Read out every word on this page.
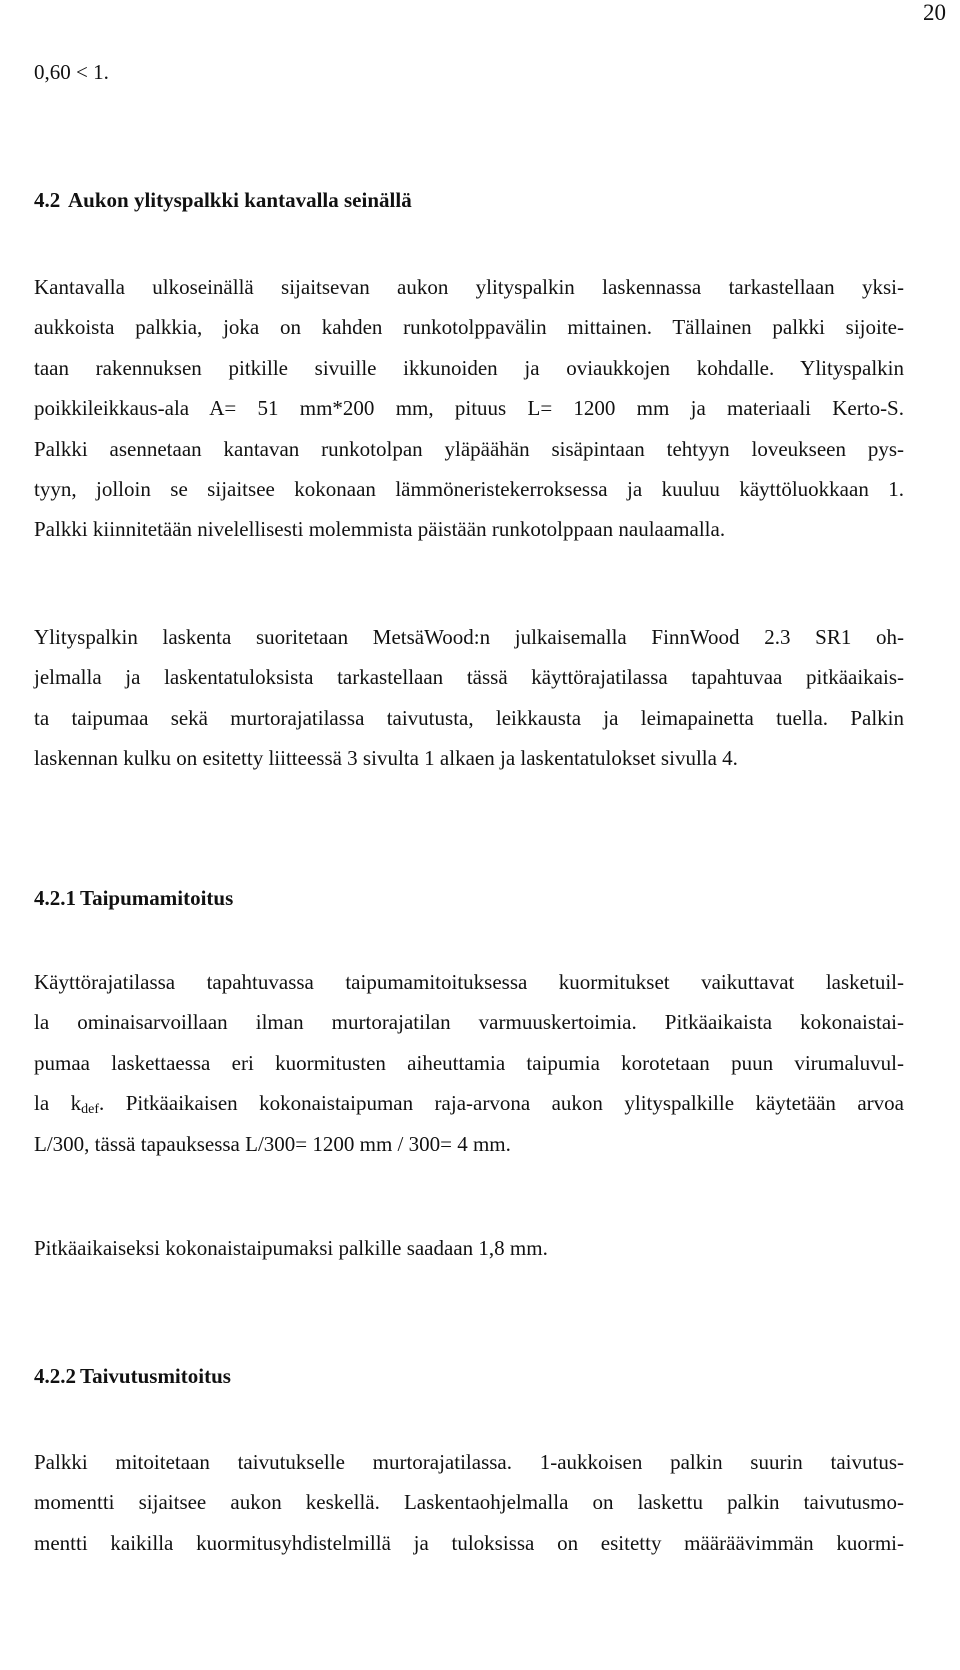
20
0,60 < 1.
4.2 Aukon ylityspalkki kantavalla seinällä
Kantavalla ulkoseinällä sijaitsevan aukon ylityspalkin laskennassa tarkastellaan yksi-
aukkoista palkkia, joka on kahden runkotolppavälin mittainen. Tällainen palkki sijoite-
taan rakennuksen pitkille sivuille ikkunoiden ja oviaukkojen kohdalle. Ylityspalkin
poikkileikkaus-ala A= 51 mm*200 mm, pituus L= 1200 mm ja materiaali Kerto-S.
Palkki asennetaan kantavan runkotolpan yläpäähän sisäpintaan tehtyyn loveukseen pys-
tyyn, jolloin se sijaitsee kokonaan lämmöneristekerroksessa ja kuuluu käyttöluokkaan 1.
Palkki kiinnitetään nivelellisesti molemmista päistään runkotolppaan naulaamalla.
Ylityspalkin laskenta suoritetaan MetsäWood:n julkaisemalla FinnWood 2.3 SR1 oh-
jelmalla ja laskentatuloksista tarkastellaan tässä käyttörajatilassa tapahtuvaa pitkäaikais-
ta taipumaa sekä murtorajatilassa taivutusta, leikkausta ja leimapainetta tuella. Palkin
laskennan kulku on esitetty liitteessä 3 sivulta 1 alkaen ja laskentatulokset sivulla 4.
4.2.1 Taipumamitoitus
Käyttörajatilassa tapahtuvassa taipumamitoituksessa kuormitukset vaikuttavat lasketuil-
la ominaisarvoillaan ilman murtorajatilan varmuuskertoimia. Pitkäaikaista kokonaistai-
pumaa laskettaessa eri kuormitusten aiheuttamia taipumia korotetaan puun virumaluvul-
la $k_{def}$. Pitkäaikaisen kokonaistaipuman raja-arvona aukon ylityspalkille käytetään arvoa
L/300, tässä tapauksessa L/300= 1200 mm / 300= 4 mm.
Pitkäaikaiseksi kokonaistaipumaksi palkille saadaan 1,8 mm.
4.2.2 Taivutusmitoitus
Palkki mitoitetaan taivutukselle murtorajatilassa. 1-aukkoisen palkin suurin taivutus-
momentti sijaitsee aukon keskellä. Laskentaohjelmalla on laskettu palkin taivutusmo-
mentti kaikilla kuormitusyhdistelmillä ja tuloksissa on esitetty määräävimmän kuormi-
